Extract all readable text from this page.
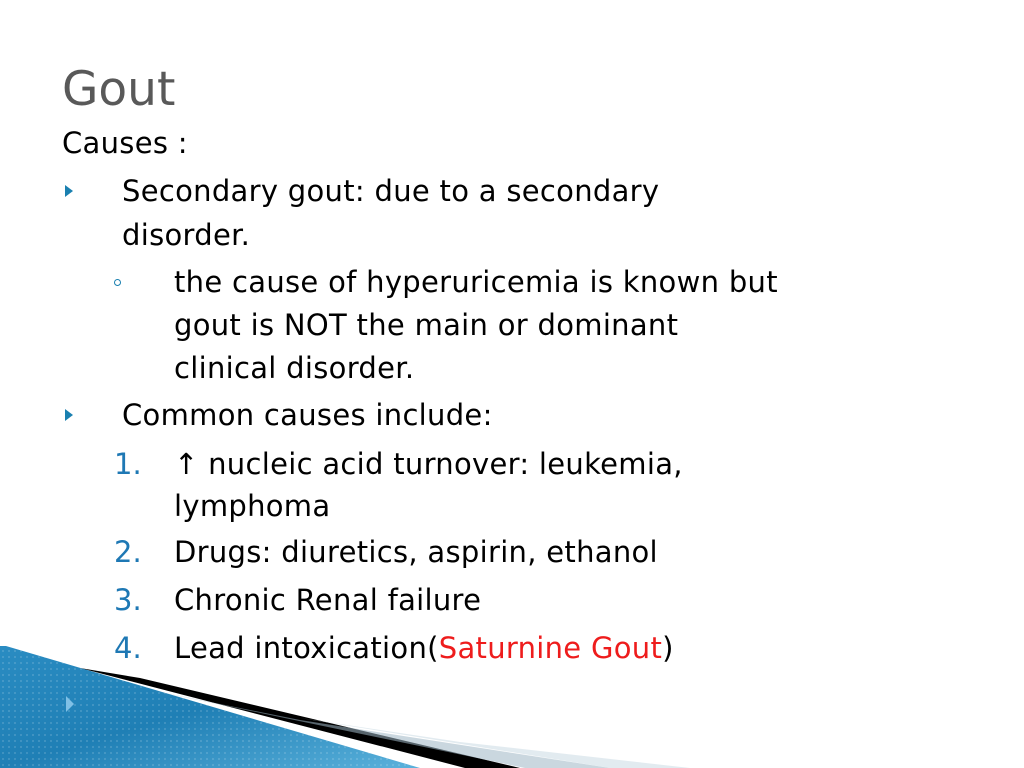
Gout
Causes :
Secondary gout: due to a secondary
disorder.
the cause of hyperuricemia is known but
gout is NOT the main or dominant
clinical disorder.
Common causes include:
1. ↑ nucleic acid turnover: leukemia,
lymphoma
2. Drugs: diuretics, aspirin, ethanol
3. Chronic Renal failure
4. Lead intoxication(Saturnine Gout)
